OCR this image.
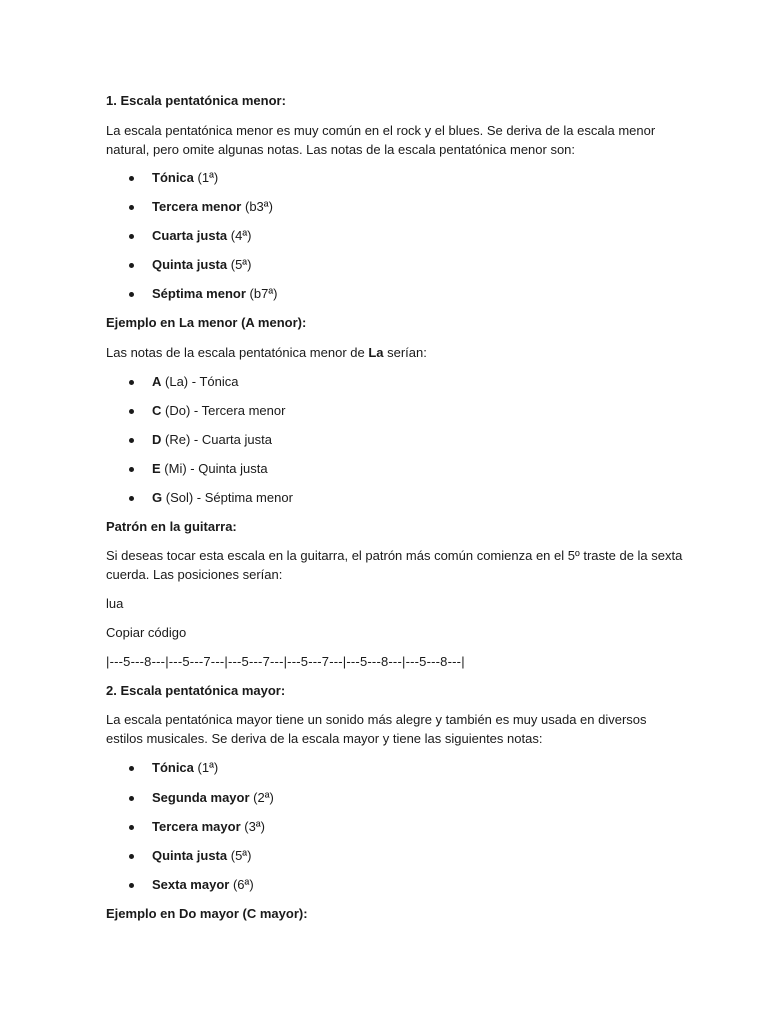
1. Escala pentatónica menor:
La escala pentatónica menor es muy común en el rock y el blues. Se deriva de la escala menor
natural, pero omite algunas notas. Las notas de la escala pentatónica menor son:
Tónica (1ª)
Tercera menor (b3ª)
Cuarta justa (4ª)
Quinta justa (5ª)
Séptima menor (b7ª)
Ejemplo en La menor (A menor):
Las notas de la escala pentatónica menor de La serían:
A (La) - Tónica
C (Do) - Tercera menor
D (Re) - Cuarta justa
E (Mi) - Quinta justa
G (Sol) - Séptima menor
Patrón en la guitarra:
Si deseas tocar esta escala en la guitarra, el patrón más común comienza en el 5º traste de la sexta
cuerda. Las posiciones serían:
lua
Copiar código
|---5---8---|---5---7---|---5---7---|---5---7---|---5---8---|---5---8---|
2. Escala pentatónica mayor:
La escala pentatónica mayor tiene un sonido más alegre y también es muy usada en diversos
estilos musicales. Se deriva de la escala mayor y tiene las siguientes notas:
Tónica (1ª)
Segunda mayor (2ª)
Tercera mayor (3ª)
Quinta justa (5ª)
Sexta mayor (6ª)
Ejemplo en Do mayor (C mayor):
